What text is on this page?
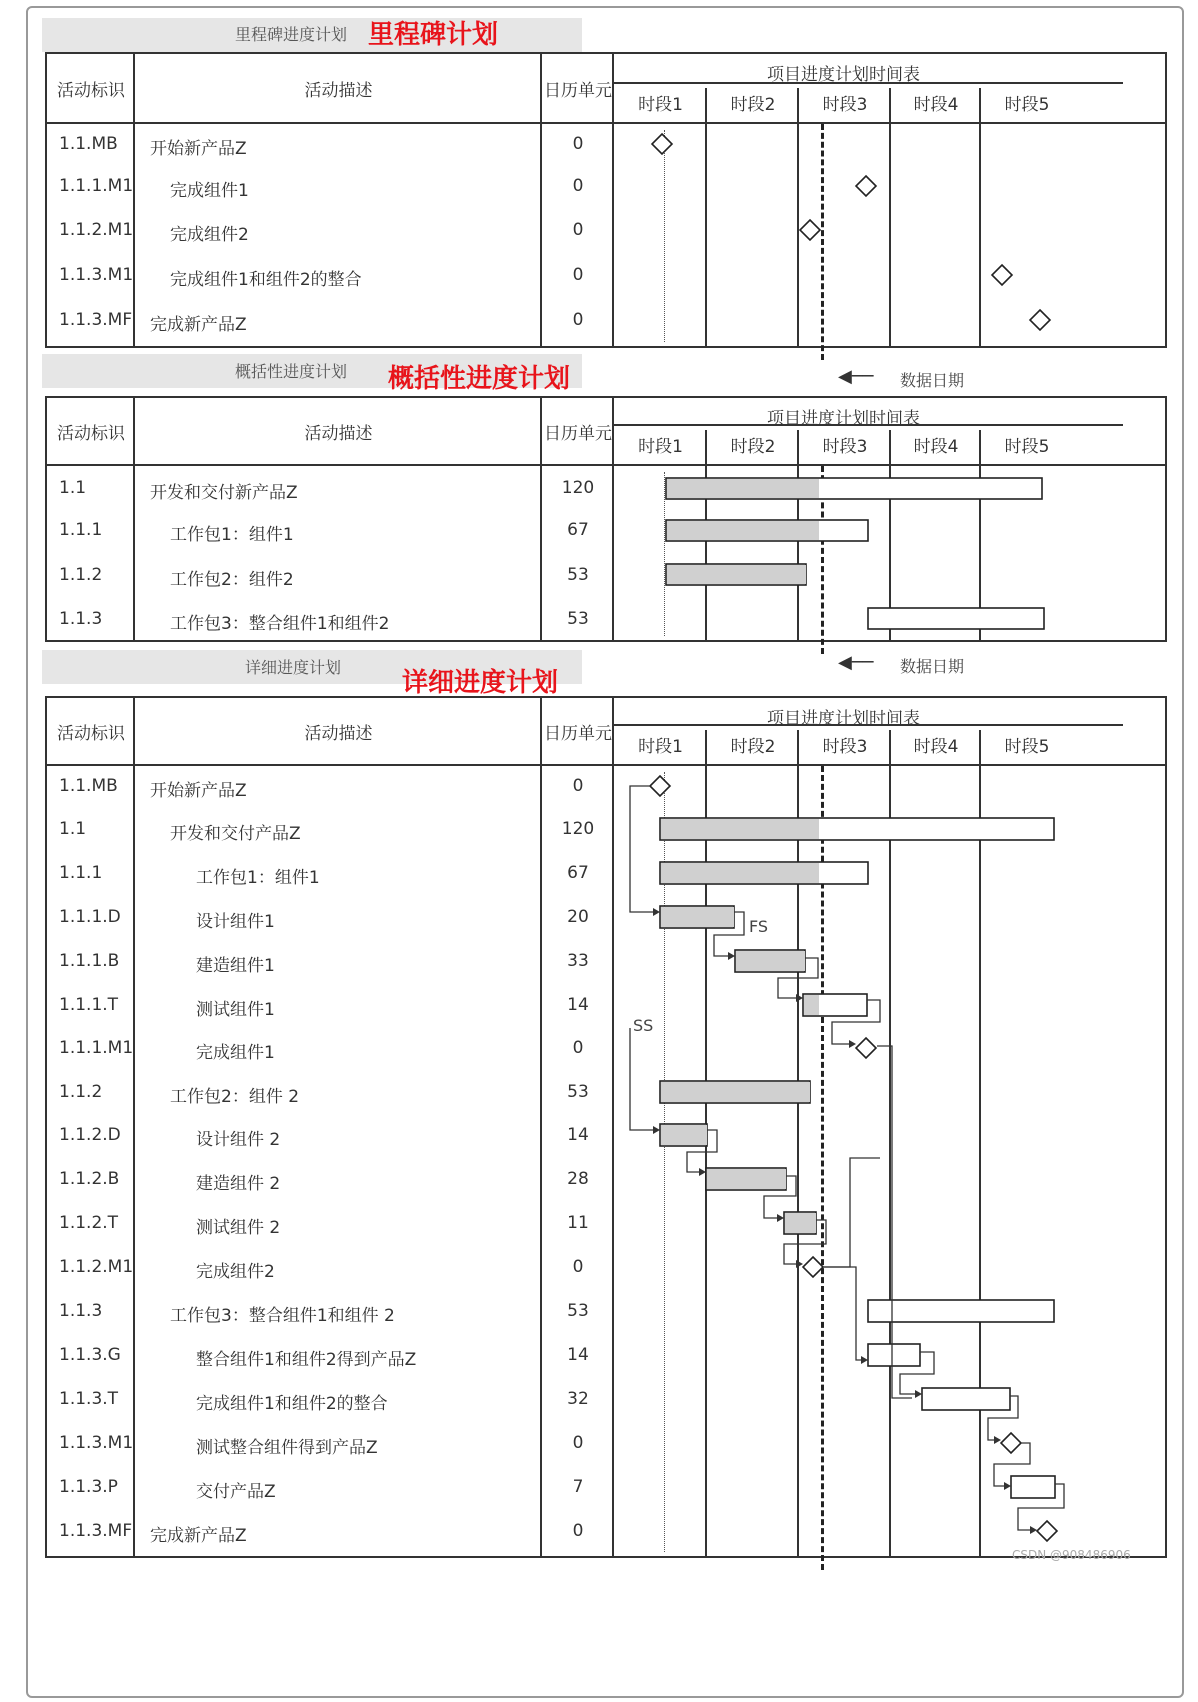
里程碑进度计划 里程碑计划
活动标识	活动描述	日历单元
项目进度计划时间表
时段1	时段2	时段3	时段4	时段5
1.1.MB 开始新产品Z	0
1.1.1.M1 完成组件1	0
1.1.2.M1 完成组件2	0
1.1.3.M1 完成组件1和组件2的整合	0
1.1.3.MF 完成新产品Z	0
概括性进度计划 概括性进度计划
活动标识	活动描述	日历单元
项目进度计划时间表
时段1	时段2	时段3	时段4	时段5
1.1	开发和交付新产品Z	120
1.1.1	工作包1：组件1	67
1.1.2	工作包2：组件2	53
1.1.3	工作包3：整合组件1和组件2	53
详细进度计划
详细进度计划
活动标识	活动描述	日历单元
项目进度计划时间表
时段1	时段2	时段3	时段4	时段5
1.1.MB 开始新产品Z	0
1.1	开发和交付产品Z	120
1.1.1	工作包1：组件1	67
1.1.1.D	设计组件1	20
1.1.1.B	建造组件1	33
1.1.1.T	测试组件1	14
1.1.1.M1	完成组件1	0
1.1.2	工作包2：组件 2	53
1.1.2.D	设计组件 2	14
1.1.2.B	建造组件 2	28
1.1.2.T	测试组件 2	11
1.1.2.M1	完成组件2	0
1.1.3	工作包3：整合组件1和组件 2	53
1.1.3.G	整合组件1和组件2得到产品Z	14
1.1.3.T	完成组件1和组件2的整合	32
1.1.3.M1	测试整合组件得到产品Z	0
1.1.3.P	交付产品Z	7
1.1.3.MF 完成新产品Z	0
◀── 数据日期
◀── 数据日期
FS
SS
CSDN @908486906
